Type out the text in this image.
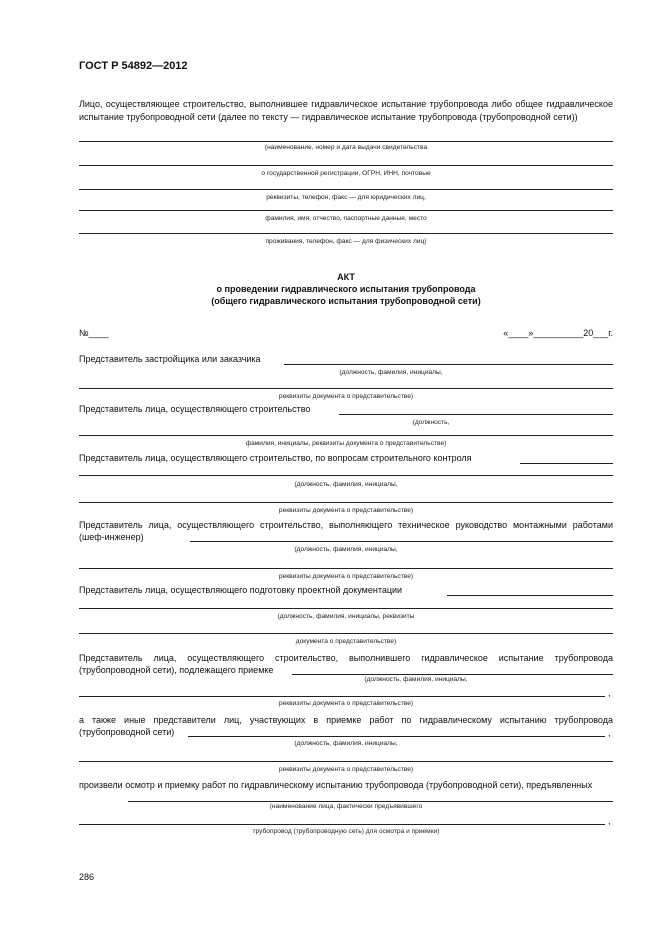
ГОСТ Р 54892—2012
Лицо, осуществляющее строительство, выполнившее гидравлическое испытание трубопровода либо общее гидравлическое испытание трубопроводной сети (далее по тексту — гидравлическое испытание трубопровода (трубопроводной сети))
(наименование, номер и дата выдачи свидетельства
о государственной регистрации, ОГРН, ИНН, почтовые
реквизиты, телефон, факс — для юридических лиц,
фамилия, имя, отчество, паспортные данные, место
проживания, телефон, факс — для физических лиц)
АКТ
о проведении гидравлического испытания трубопровода
(общего гидравлического испытания трубопроводной сети)
№____	«____»__________20___г.
Представитель застройщика или заказчика
(должность, фамилия, инициалы,
реквизиты документа о представительстве)
Представитель лица, осуществляющего строительство
(должность,
фамилия, инициалы, реквизиты документа о представительстве)
Представитель лица, осуществляющего строительство, по вопросам строительного контроля
(должность, фамилия, инициалы,
реквизиты документа о представительстве)
Представитель лица, осуществляющего строительство, выполняющего техническое руководство монтажными работами (шеф-инженер)
(должность, фамилия, инициалы,
реквизиты документа о представительстве)
Представитель лица, осуществляющего подготовку проектной документации
(должность, фамилия, инициалы, реквизиты
документа о представительстве)
Представитель лица, осуществляющего строительство, выполнившего гидравлическое испытание трубопровода (трубопроводной сети), подлежащего приемке
(должность, фамилия, инициалы,
,
реквизиты документа о представительстве)
а также иные представители лиц, участвующих в приемке работ по гидравлическому испытанию трубопровода (трубопроводной сети)	,
(должность, фамилия, инициалы,
реквизиты документа о представительстве)
произвели осмотр и приемку работ по гидравлическому испытанию трубопровода (трубопроводной сети), предъявленных
(наименование лица, фактически предъявившего
,
трубопровод (трубопроводную сеть) для осмотра и приемки)
286
